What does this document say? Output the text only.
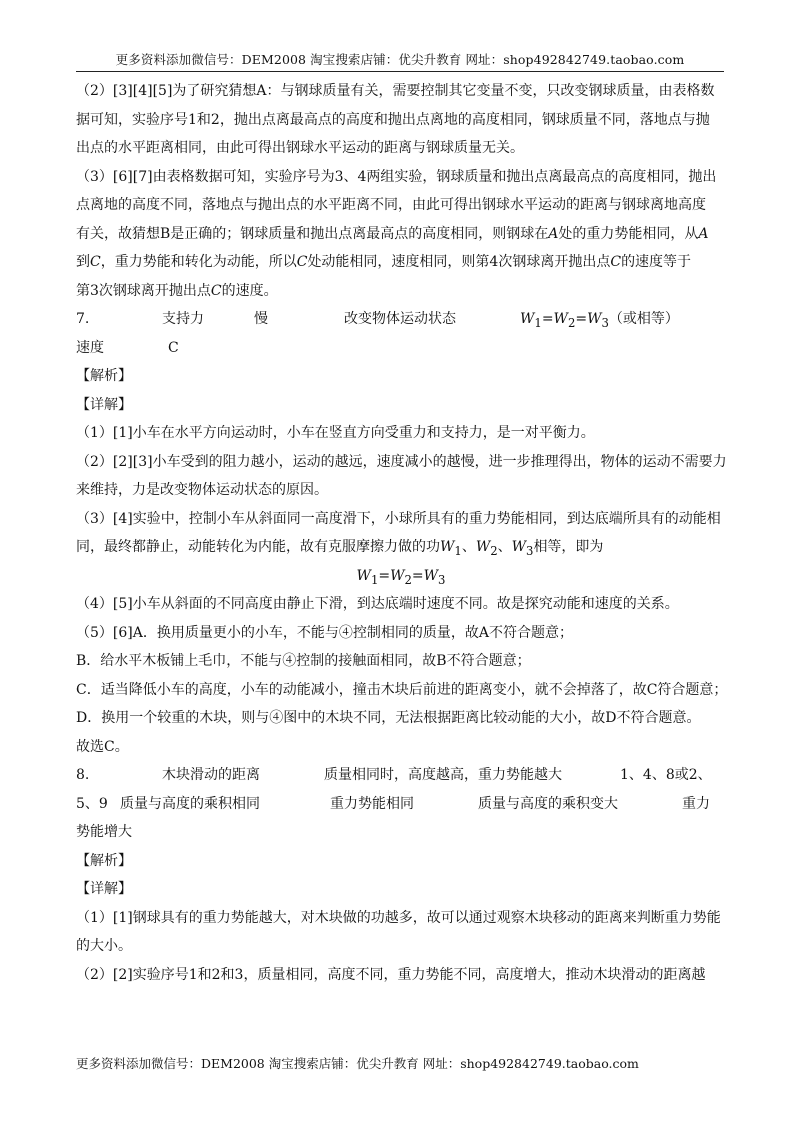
更多资料添加微信号：DEM2008 淘宝搜索店铺：优尖升教育 网址：shop492842749.taobao.com
（2）[3][4][5]为了研究猜想A：与钢球质量有关，需要控制其它变量不变，只改变钢球质量，由表格数
据可知，实验序号1和2，抛出点离最高点的高度和抛出点离地的高度相同，钢球质量不同，落地点与抛
出点的水平距离相同，由此可得出钢球水平运动的距离与钢球质量无关。
（3）[6][7]由表格数据可知，实验序号为3、4两组实验，钢球质量和抛出点离最高点的高度相同，抛出
点离地的高度不同，落地点与抛出点的水平距离不同，由此可得出钢球水平运动的距离与钢球离地高度
有关，故猜想B是正确的；钢球质量和抛出点离最高点的高度相同，则钢球在A处的重力势能相同，从A
到C，重力势能和转化为动能，所以C处动能相同，速度相同，则第4次钢球离开抛出点C的速度等于
第3次钢球离开抛出点C的速度。
7.	支持力	慢	改变物体运动状态	$W_1=W_2=W_3$（或相等）
速度	C
【解析】
【详解】
（1）[1]小车在水平方向运动时，小车在竖直方向受重力和支持力，是一对平衡力。
（2）[2][3]小车受到的阻力越小，运动的越远，速度减小的越慢，进一步推理得出，物体的运动不需要力
来维持，力是改变物体运动状态的原因。
（3）[4]实验中，控制小车从斜面同一高度滑下，小球所具有的重力势能相同，到达底端所具有的动能相
同，最终都静止，动能转化为内能，故有克服摩擦力做的功$W_1$、$W_2$、$W_3$相等，即为
$W_1=W_2=W_3$
（4）[5]小车从斜面的不同高度由静止下滑，到达底端时速度不同。故是探究动能和速度的关系。
（5）[6]A．换用质量更小的小车，不能与④控制相同的质量，故A不符合题意；
B．给水平木板铺上毛巾，不能与④控制的接触面相同，故B不符合题意；
C．适当降低小车的高度，小车的动能减小，撞击木块后前进的距离变小，就不会掉落了，故C符合题意；
D．换用一个较重的木块，则与④图中的木块不同，无法根据距离比较动能的大小，故D不符合题意。
故选C。
8.	木块滑动的距离	质量相同时，高度越高，重力势能越大	1、4、8或2、
5、9 质量与高度的乘积相同	重力势能相同	质量与高度的乘积变大	重力
势能增大
【解析】
【详解】
（1）[1]钢球具有的重力势能越大，对木块做的功越多，故可以通过观察木块移动的距离来判断重力势能
的大小。
（2）[2]实验序号1和2和3，质量相同，高度不同，重力势能不同，高度增大，推动木块滑动的距离越
更多资料添加微信号：DEM2008 淘宝搜索店铺：优尖升教育 网址：shop492842749.taobao.com
